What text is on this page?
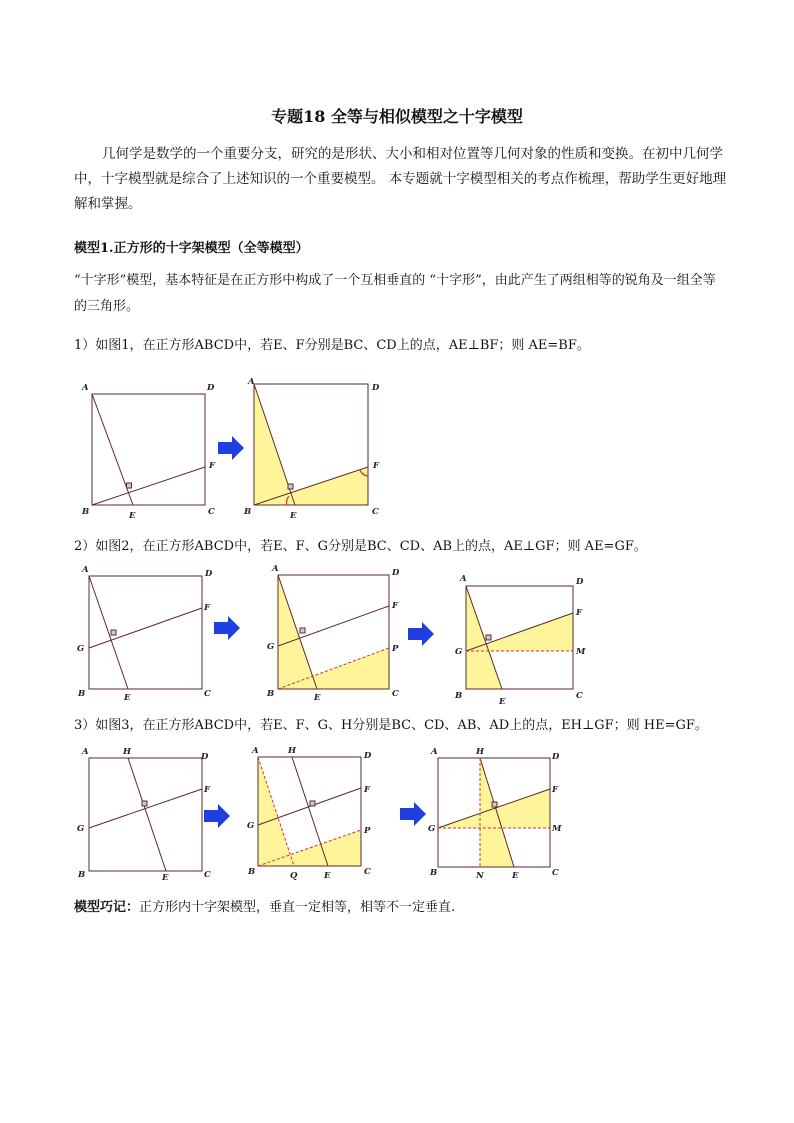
专题18 全等与相似模型之十字模型
几何学是数学的一个重要分支，研究的是形状、大小和相对位置等几何对象的性质和变换。在初中几何学中，十字模型就是综合了上述知识的一个重要模型。 本专题就十字模型相关的考点作梳理，帮助学生更好地理解和掌握。
模型1.正方形的十字架模型（全等模型）
“十字形”模型，基本特征是在正方形中构成了一个互相垂直的 “十字形”，由此产生了两组相等的锐角及一组全等的三角形。
1）如图1，在正方形ABCD中，若E、F分别是BC、CD上的点，AE⊥BF；则 AE=BF。
A	D
B	C
E
F
A
D
B	C
E
F
2）如图2，在正方形ABCD中，若E、F、G分别是BC、CD、AB上的点，AE⊥GF；则 AE=GF。
A	D
G
F
B	C
E
A	D
G
F
P
B	C
E
A	D
G
F
M
B	C
E
3）如图3，在正方形ABCD中，若E、F、G、H分别是BC、CD、AB、AD上的点，EH⊥GF；则 HE=GF。
A	H	D
F
G
B	C
E
A	H	D
F
G	P
B	Q	E	C
A	H	D
F
G	M
B	N	E	C
模型巧记：正方形内十字架模型，垂直一定相等，相等不一定垂直.
